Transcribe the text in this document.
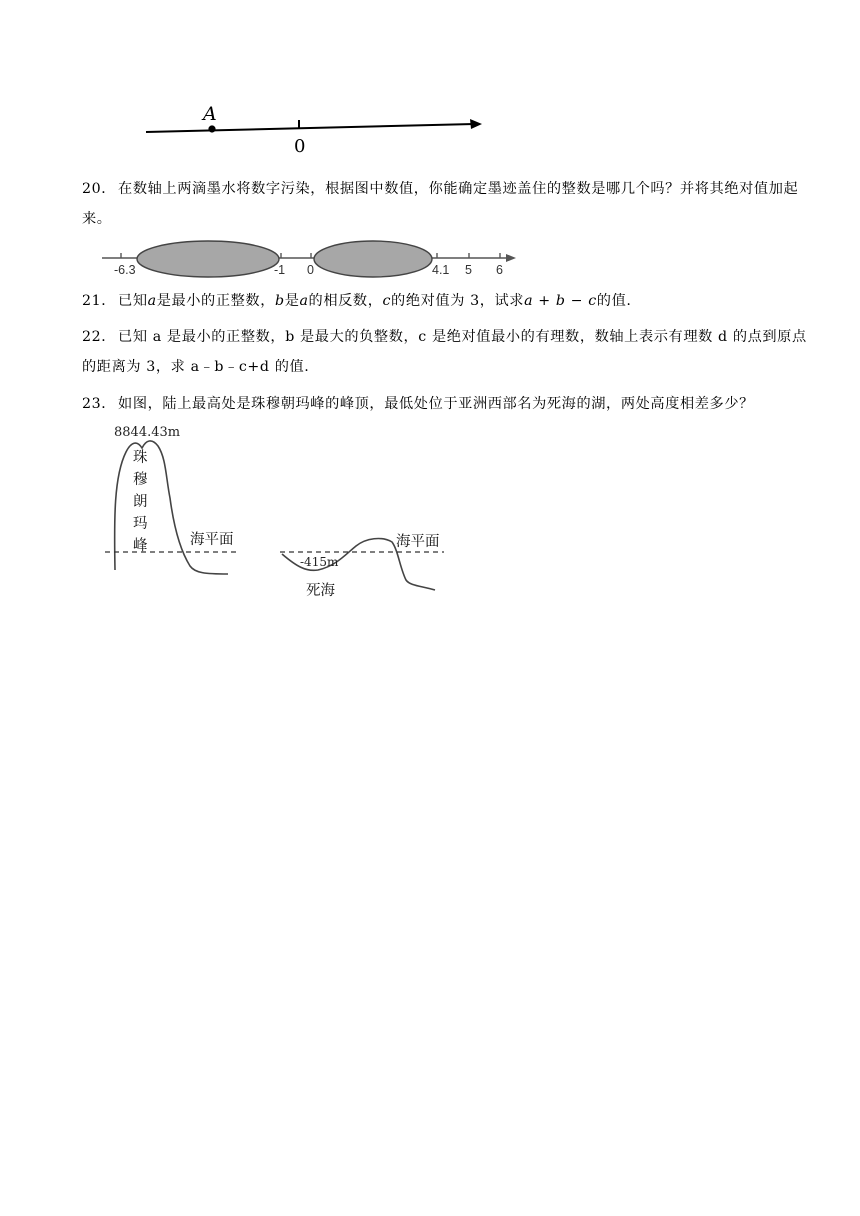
A
0
20． 在数轴上两滴墨水将数字污染，根据图中数值，你能确定墨迹盖住的整数是哪几个吗？并将其绝对值加起来。
-6.3	-1 0	4.1 5 6
21． 已知a是最小的正整数，b是a的相反数，c的绝对值为 3，试求a + b − c的值.
22． 已知 a 是最小的正整数，b 是最大的负整数，c 是绝对值最小的有理数，数轴上表示有理数 d 的点到原点的距离为 3，求 a﹣b﹣c+d 的值.
23． 如图，陆上最高处是珠穆朝玛峰的峰顶，最低处位于亚洲西部名为死海的湖，两处高度相差多少？
8844.43m
珠
穆
朗
玛
峰	海平面
-415m
海平面
死海
